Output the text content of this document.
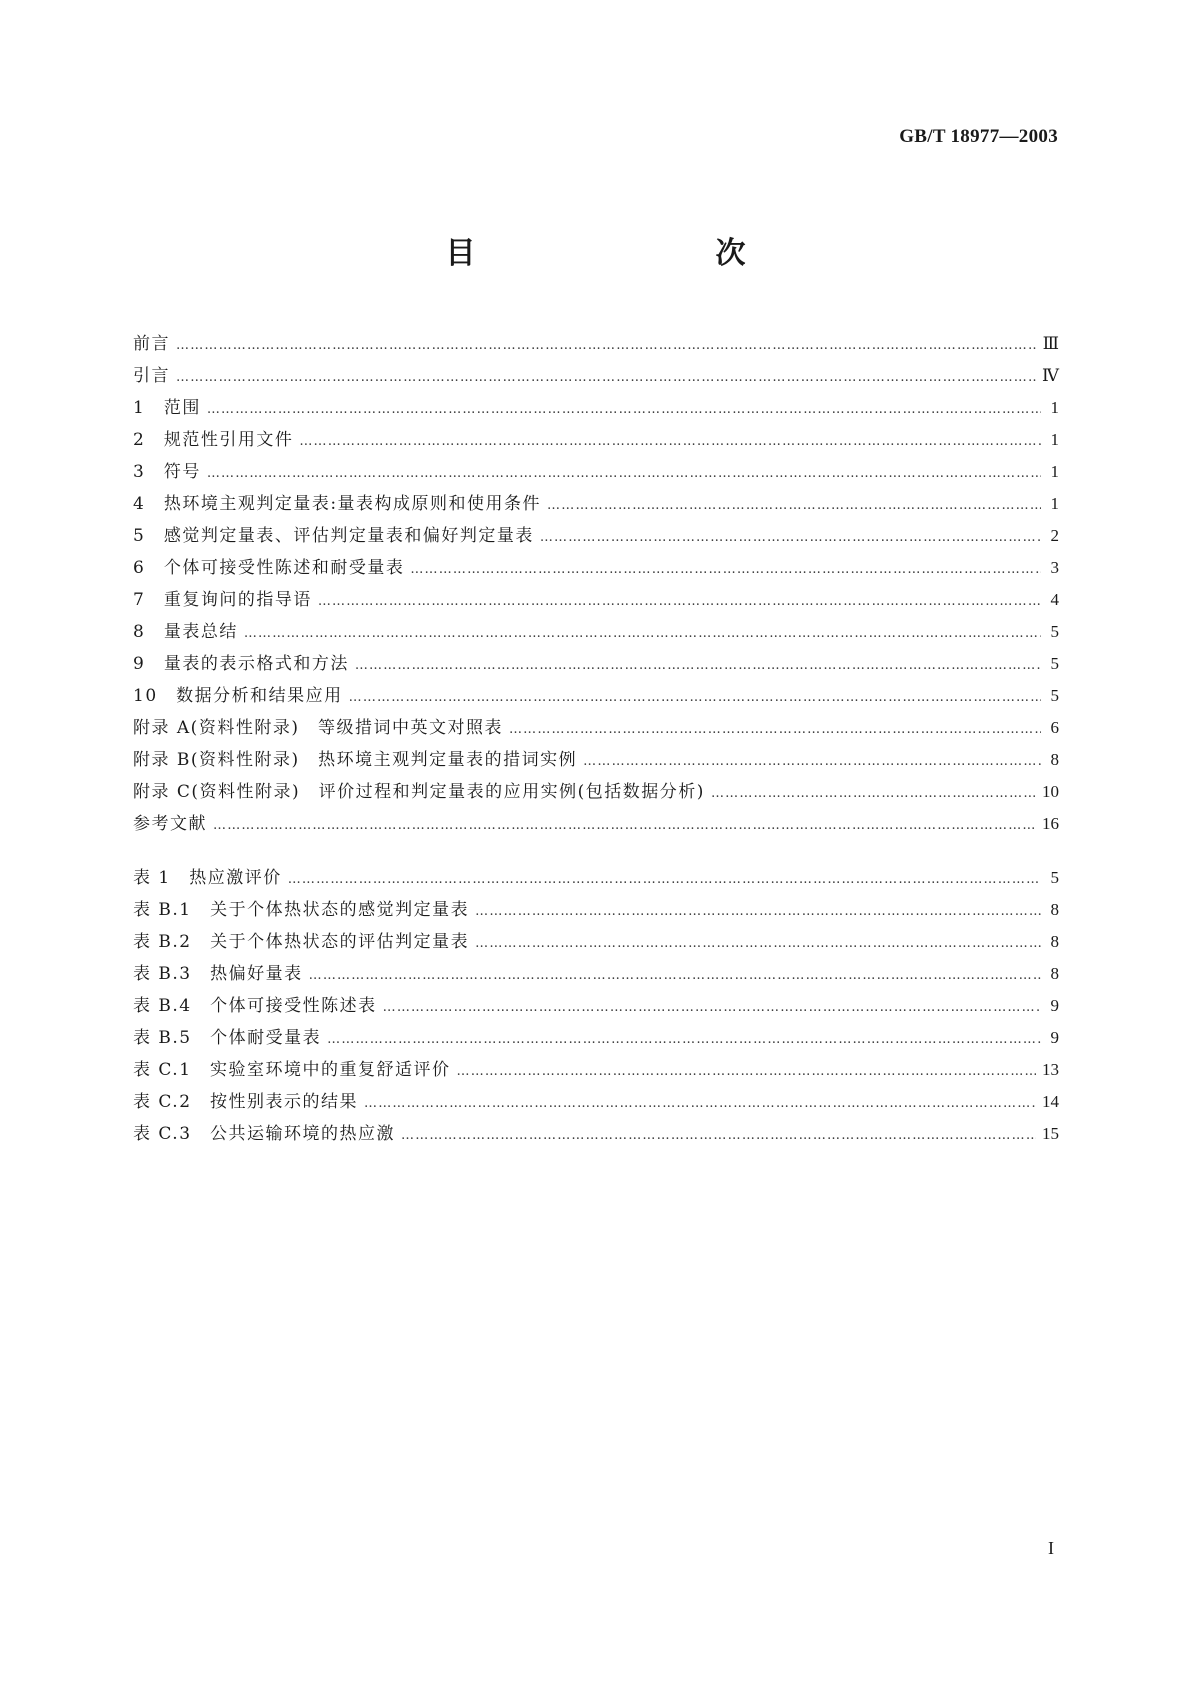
GB/T 18977—2003
目　　次
前言 …………………………………………………………………………………………………………………………………………………………………………………………………………………………………………	Ⅲ
引言 …………………………………………………………………………………………………………………………………………………………………………………………………………………………………………	Ⅳ
1　范围 …………………………………………………………………………………………………………………………………………………………………………………………………………………………………………	1
2　规范性引用文件 …………………………………………………………………………………………………………………………………………………………………………………………………………………………………………	1
3　符号 …………………………………………………………………………………………………………………………………………………………………………………………………………………………………………	1
4　热环境主观判定量表:量表构成原则和使用条件 …………………………………………………………………………………………………………………………………………………………………………………………………………………………………………	1
5　感觉判定量表、评估判定量表和偏好判定量表 …………………………………………………………………………………………………………………………………………………………………………………………………………………………………………	2
6　个体可接受性陈述和耐受量表 …………………………………………………………………………………………………………………………………………………………………………………………………………………………………………	3
7　重复询问的指导语 …………………………………………………………………………………………………………………………………………………………………………………………………………………………………………	4
8　量表总结 …………………………………………………………………………………………………………………………………………………………………………………………………………………………………………	5
9　量表的表示格式和方法 …………………………………………………………………………………………………………………………………………………………………………………………………………………………………………	5
10　数据分析和结果应用 …………………………………………………………………………………………………………………………………………………………………………………………………………………………………………	5
附录 A(资料性附录)　等级措词中英文对照表 …………………………………………………………………………………………………………………………………………………………………………………………………………………………………………	6
附录 B(资料性附录)　热环境主观判定量表的措词实例 …………………………………………………………………………………………………………………………………………………………………………………………………………………………………………	8
附录 C(资料性附录)　评价过程和判定量表的应用实例(包括数据分析) …………………………………………………………………………………………………………………………………………………………………………………………………………………………………………	10
参考文献 …………………………………………………………………………………………………………………………………………………………………………………………………………………………………………	16
表 1　热应激评价 …………………………………………………………………………………………………………………………………………………………………………………………………………………………………………	5
表 B.1　关于个体热状态的感觉判定量表 …………………………………………………………………………………………………………………………………………………………………………………………………………………………………………	8
表 B.2　关于个体热状态的评估判定量表 …………………………………………………………………………………………………………………………………………………………………………………………………………………………………………	8
表 B.3　热偏好量表 …………………………………………………………………………………………………………………………………………………………………………………………………………………………………………	8
表 B.4　个体可接受性陈述表 …………………………………………………………………………………………………………………………………………………………………………………………………………………………………………	9
表 B.5　个体耐受量表 …………………………………………………………………………………………………………………………………………………………………………………………………………………………………………	9
表 C.1　实验室环境中的重复舒适评价 …………………………………………………………………………………………………………………………………………………………………………………………………………………………………………	13
表 C.2　按性别表示的结果 …………………………………………………………………………………………………………………………………………………………………………………………………………………………………………	14
表 C.3　公共运输环境的热应激 …………………………………………………………………………………………………………………………………………………………………………………………………………………………………………	15
I
